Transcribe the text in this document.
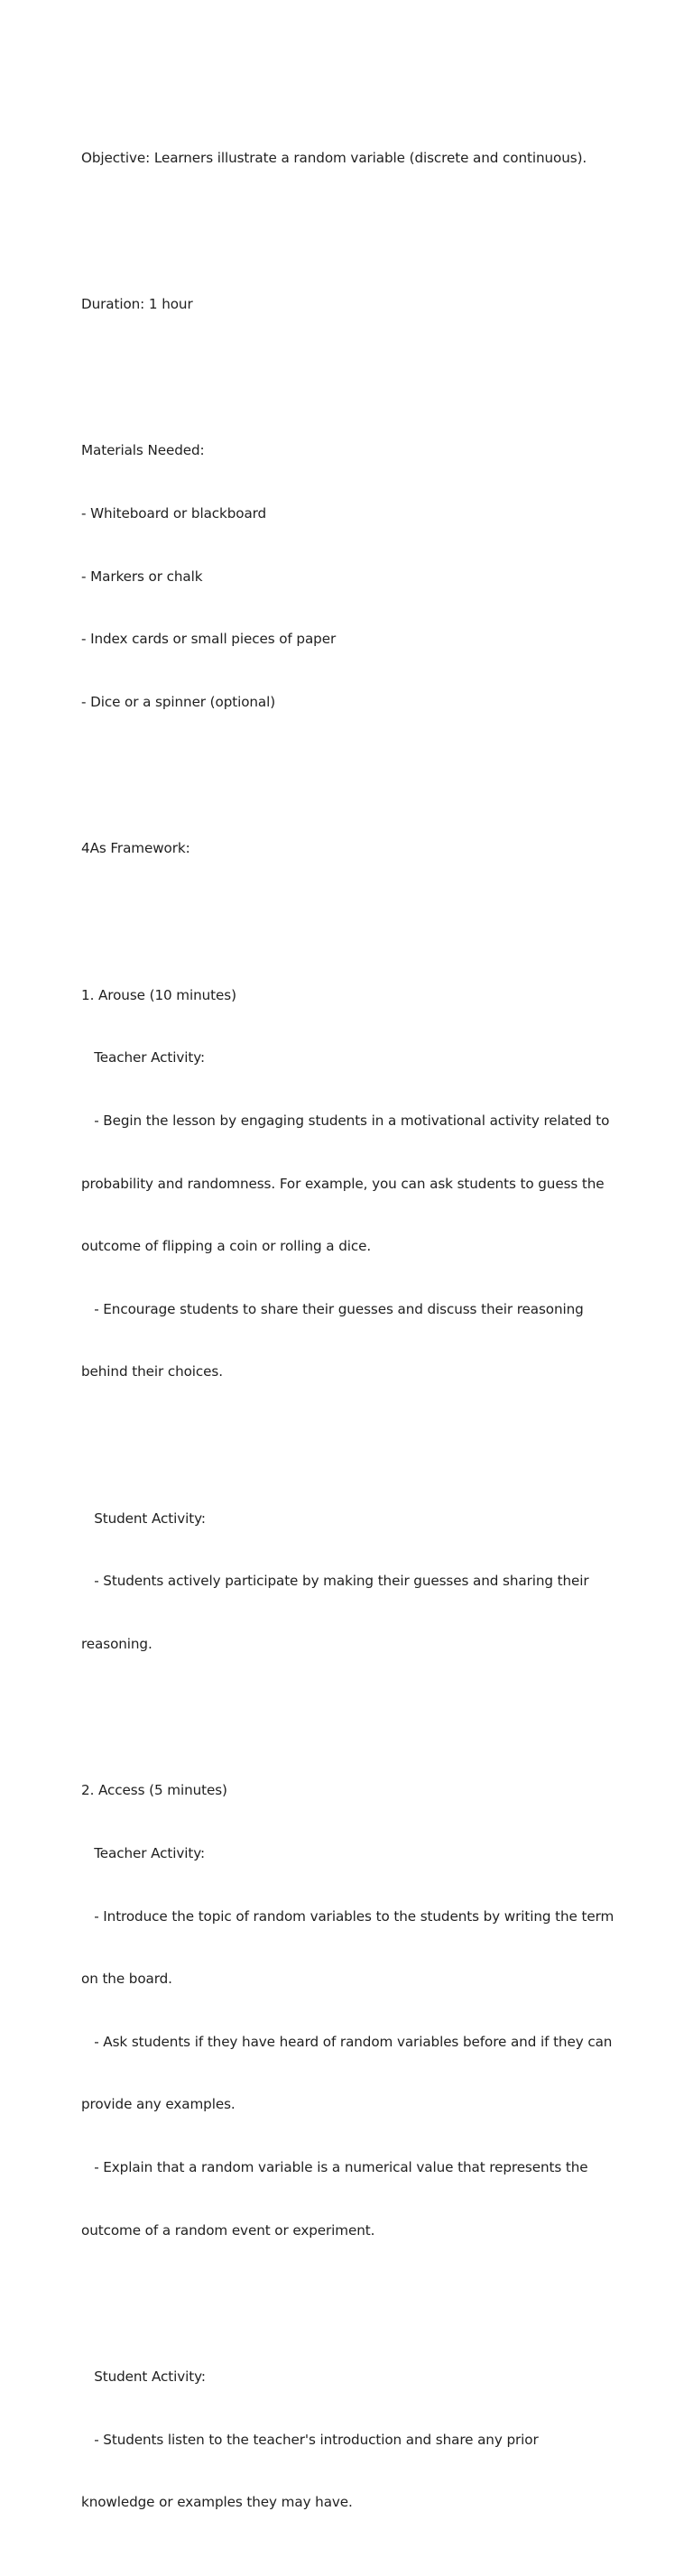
Objective: Learners illustrate a random variable (discrete and continuous).

Duration: 1 hour

Materials Needed:

- Whiteboard or blackboard

- Markers or chalk

- Index cards or small pieces of paper

- Dice or a spinner (optional)

4As Framework:

1. Arouse (10 minutes)

Teacher Activity:

- Begin the lesson by engaging students in a motivational activity related to

probability and randomness. For example, you can ask students to guess the

outcome of flipping a coin or rolling a dice.

- Encourage students to share their guesses and discuss their reasoning

behind their choices.

Student Activity:

- Students actively participate by making their guesses and sharing their

reasoning.

2. Access (5 minutes)

Teacher Activity:

- Introduce the topic of random variables to the students by writing the term

on the board.

- Ask students if they have heard of random variables before and if they can

provide any examples.

- Explain that a random variable is a numerical value that represents the

outcome of a random event or experiment.

Student Activity:

- Students listen to the teacher's introduction and share any prior

knowledge or examples they may have.
